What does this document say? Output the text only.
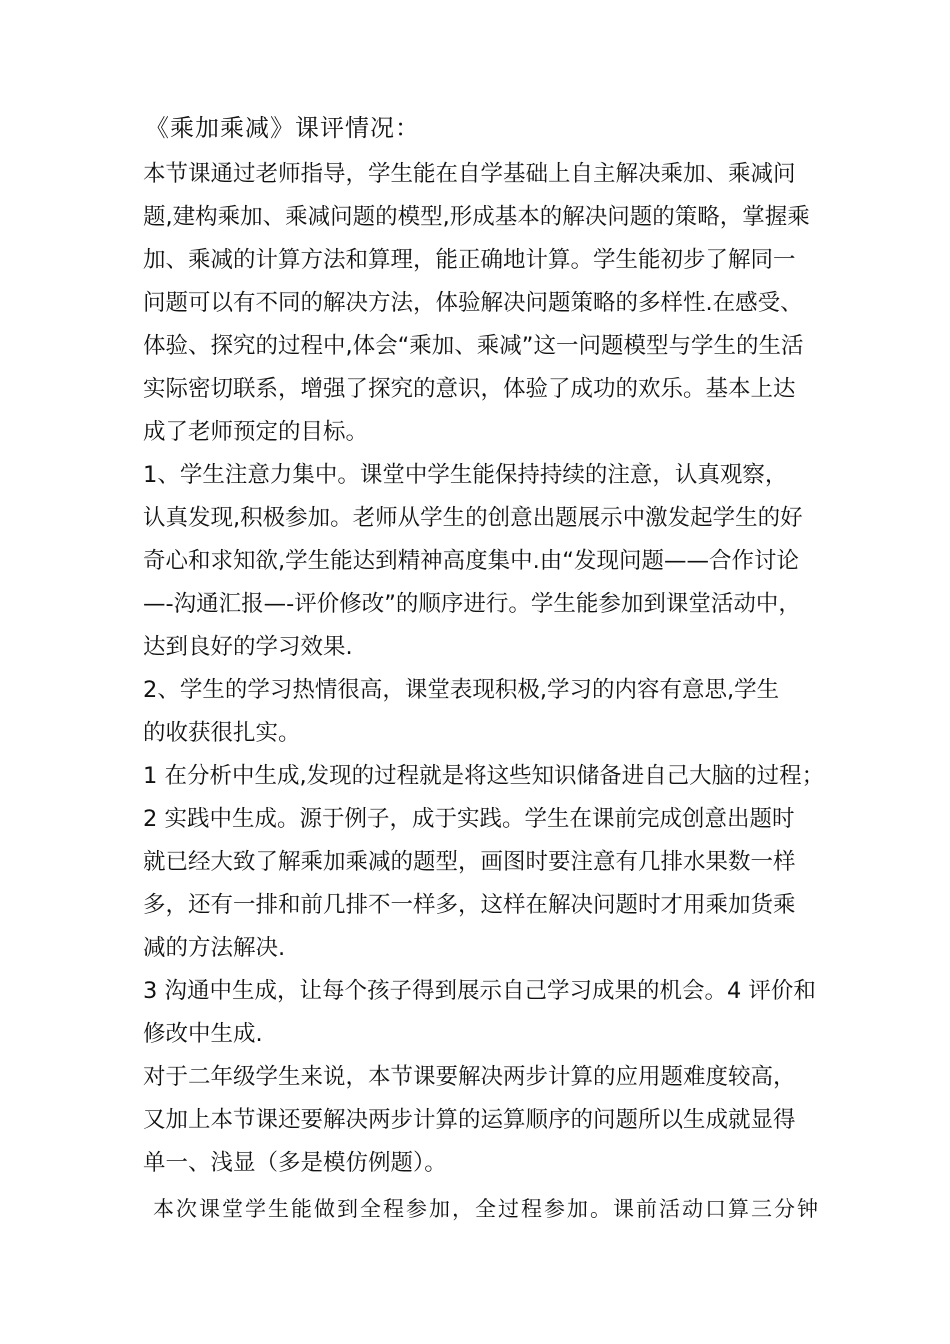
《乘加乘减》课评情况：
本节课通过老师指导，学生能在自学基础上自主解决乘加、乘减问
题,建构乘加、乘减问题的模型,形成基本的解决问题的策略，掌握乘
加、乘减的计算方法和算理，能正确地计算。学生能初步了解同一
问题可以有不同的解决方法，体验解决问题策略的多样性.在感受、
体验、探究的过程中,体会“乘加、乘减”这一问题模型与学生的生活
实际密切联系，增强了探究的意识，体验了成功的欢乐。基本上达
成了老师预定的目标。
1、学生注意力集中。课堂中学生能保持持续的注意，认真观察，
认真发现,积极参加。老师从学生的创意出题展示中激发起学生的好
奇心和求知欲,学生能达到精神高度集中.由“发现问题——合作讨论
—-沟通汇报—-评价修改”的顺序进行。学生能参加到课堂活动中，
达到良好的学习效果.
2、学生的学习热情很高，课堂表现积极,学习的内容有意思,学生
的收获很扎实。
1 在分析中生成,发现的过程就是将这些知识储备进自己大脑的过程；
2 实践中生成。源于例子，成于实践。学生在课前完成创意出题时
就已经大致了解乘加乘减的题型，画图时要注意有几排水果数一样
多，还有一排和前几排不一样多，这样在解决问题时才用乘加货乘
减的方法解决.
3 沟通中生成，让每个孩子得到展示自己学习成果的机会。4 评价和
修改中生成.
对于二年级学生来说，本节课要解决两步计算的应用题难度较高，
又加上本节课还要解决两步计算的运算顺序的问题所以生成就显得
单一、浅显（多是模仿例题）。
本次课堂学生能做到全程参加，全过程参加。课前活动口算三分钟
